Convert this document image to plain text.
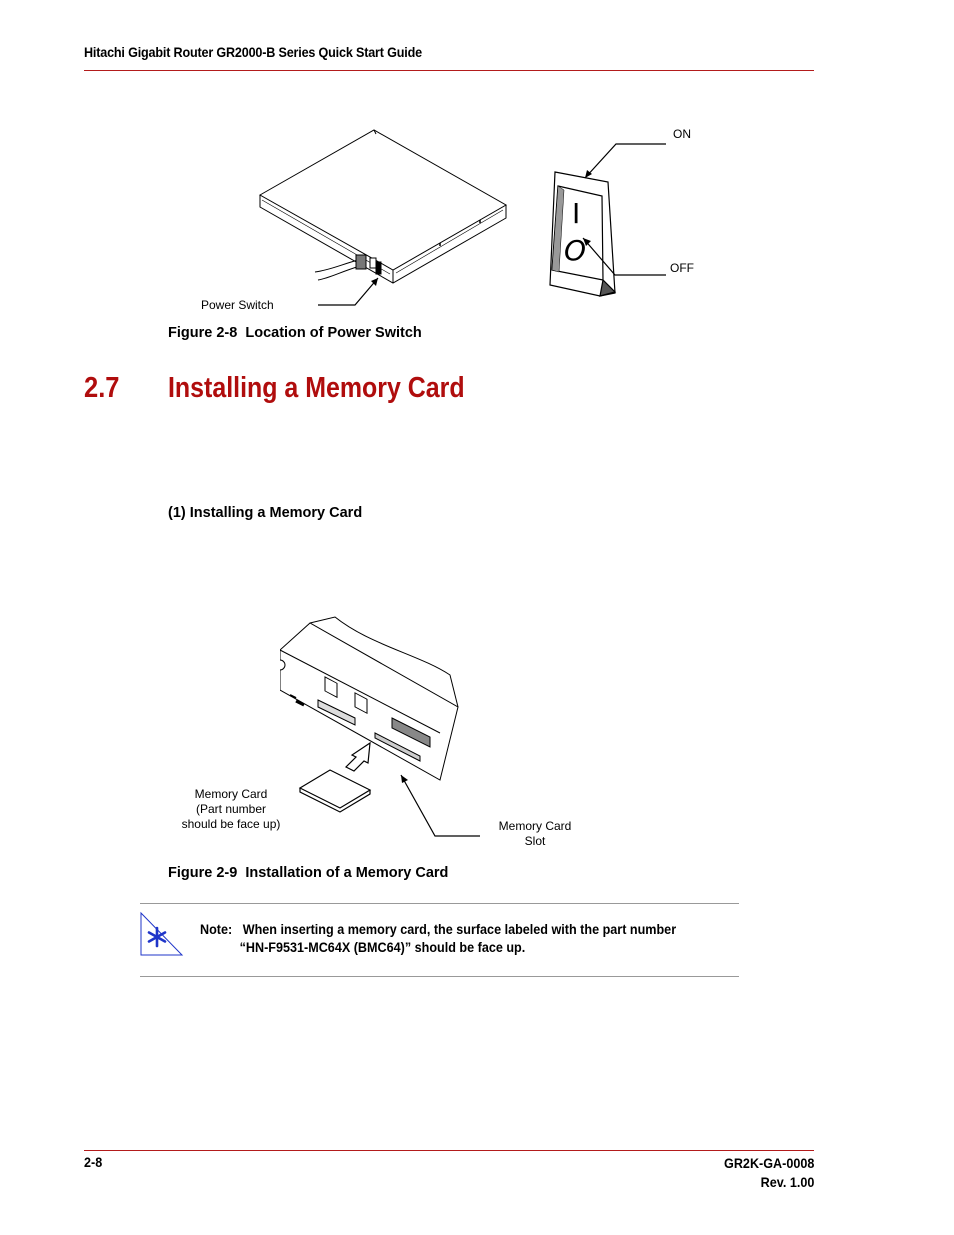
Hitachi Gigabit Router GR2000-B Series Quick Start Guide
I
O
ON
OFF
Power Switch
Figure 2-8  Location of Power Switch
2.7 Installing a Memory Card
(1) Installing a Memory Card
Memory Card
(Part number
should be face up)	Memory Card
Slot
Figure 2-9  Installation of a Memory Card
Note:   When inserting a memory card, the surface labeled with the part number
“HN-F9531-MC64X (BMC64)” should be face up.
2-8	GR2K-GA-0008
Rev. 1.00
